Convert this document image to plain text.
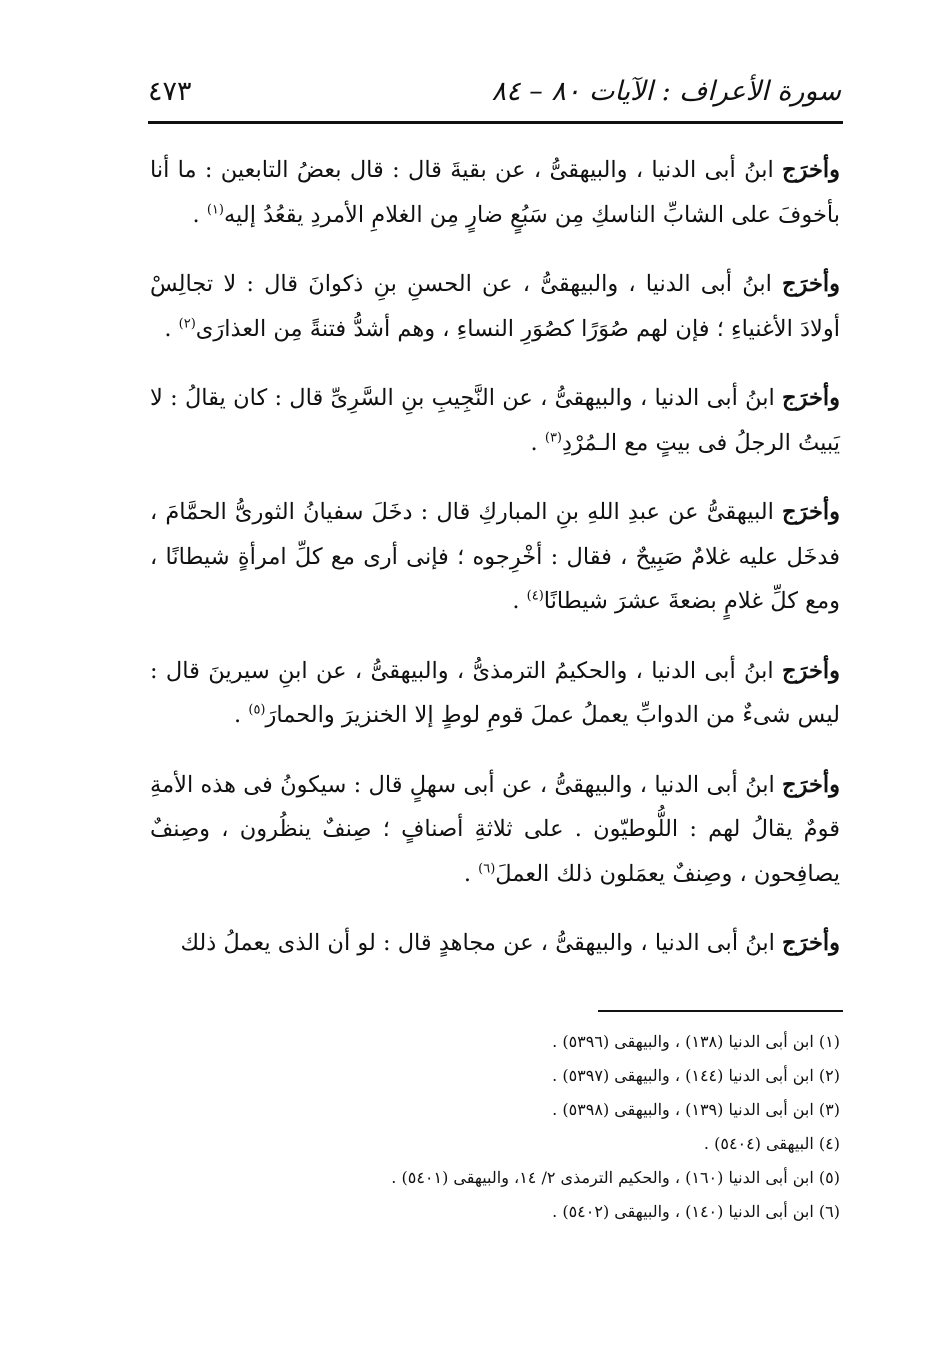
سورة الأعراف : الآيات ٨٠ – ٨٤
٤٧٣

وأخرَج ابنُ أبى الدنيا ، والبيهقىُّ ، عن بقيةَ قال : قال بعضُ التابعين : ما أنا بأخوفَ على الشابِّ الناسكِ مِن سَبُعٍ ضارٍ مِن الغلامِ الأمردِ يقعُدُ إليه$^{(١)}$ .

وأخرَج ابنُ أبى الدنيا ، والبيهقىُّ ، عن الحسنِ بنِ ذكوانَ قال : لا تجالِسْ أولادَ الأغنياءِ ؛ فإن لهم صُوَرًا كصُوَرِ النساءِ ، وهم أشدُّ فتنةً مِن العذارَى$^{(٢)}$ .

وأخرَج ابنُ أبى الدنيا ، والبيهقىُّ ، عن النَّجِيبِ بنِ السَّرِىِّ قال : كان يقالُ : لا يَبيتُ الرجلُ فى بيتٍ مع الـمُرْدِ$^{(٣)}$ .

وأخرَج البيهقىُّ عن عبدِ اللهِ بنِ المباركِ قال : دخَلَ سفيانُ الثورىُّ الحمَّامَ ، فدخَل عليه غلامٌ صَبِيحٌ ، فقال : أخْرِجوه ؛ فإنى أرى مع كلِّ امرأةٍ شيطانًا ، ومع كلِّ غلامٍ بضعةَ عشرَ شيطانًا$^{(٤)}$ .

وأخرَج ابنُ أبى الدنيا ، والحكيمُ الترمذىُّ ، والبيهقىُّ ، عن ابنِ سيرينَ قال : ليس شىءٌ من الدوابِّ يعملُ عملَ قومِ لوطٍ إلا الخنزيرَ والحمارَ$^{(٥)}$ .

وأخرَج ابنُ أبى الدنيا ، والبيهقىُّ ، عن أبى سهلٍ قال : سيكونُ فى هذه الأمةِ قومٌ يقالُ لهم : اللُّوطيّون . على ثلاثةِ أصنافٍ ؛ صِنفٌ ينظُرون ، وصِنفٌ يصافِحون ، وصِنفٌ يعمَلون ذلك العملَ$^{(٦)}$ .

وأخرَج ابنُ أبى الدنيا ، والبيهقىُّ ، عن مجاهدٍ قال : لو أن الذى يعملُ ذلك

(١) ابن أبى الدنيا (١٣٨) ، والبيهقى (٥٣٩٦) .
(٢) ابن أبى الدنيا (١٤٤) ، والبيهقى (٥٣٩٧) .
(٣) ابن أبى الدنيا (١٣٩) ، والبيهقى (٥٣٩٨) .
(٤) البيهقى (٥٤٠٤) .
(٥) ابن أبى الدنيا (١٦٠) ، والحكيم الترمذى ٢/ ١٤، والبيهقى (٥٤٠١) .
(٦) ابن أبى الدنيا (١٤٠) ، والبيهقى (٥٤٠٢) .
